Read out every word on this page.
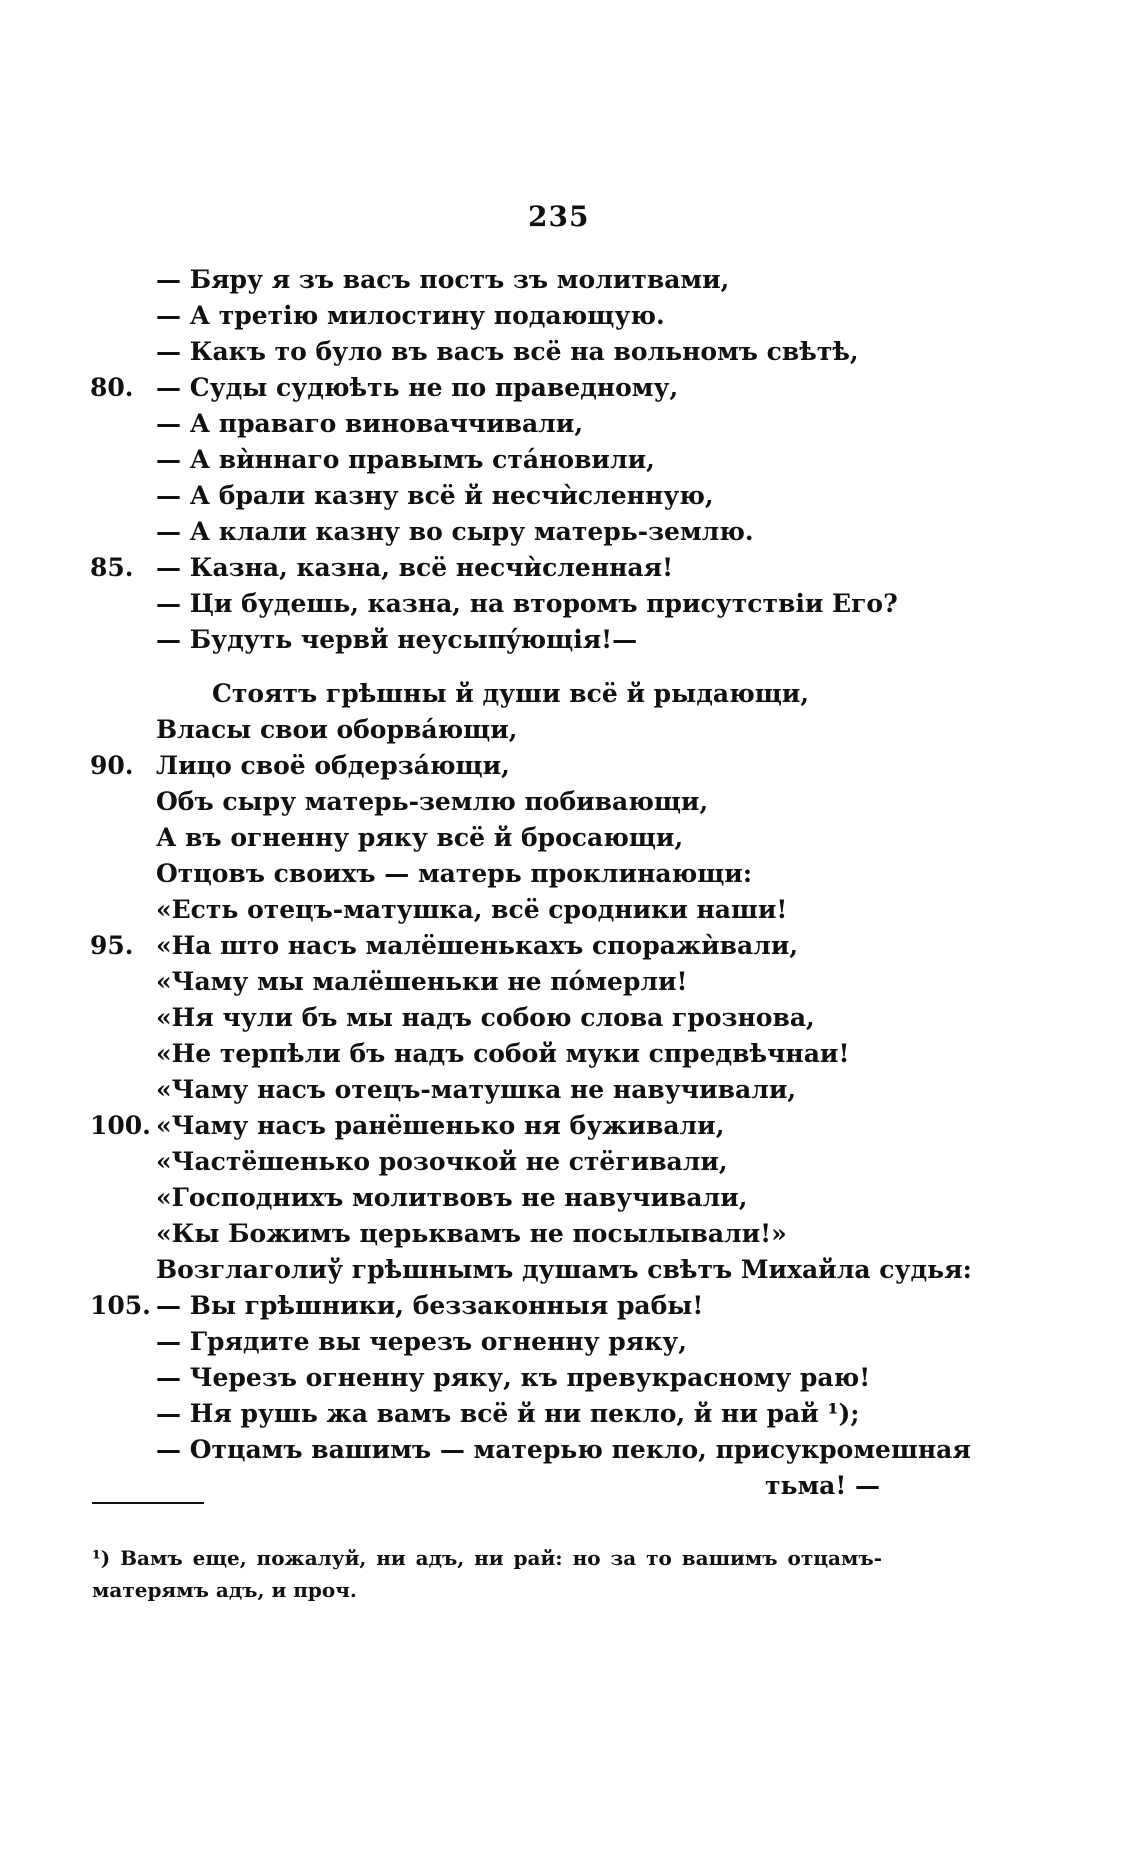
235
— Бяру я зъ васъ постъ зъ молитвами,
— А третію милостину подающую.
— Какъ то було въ васъ всё на вольномъ свѣтѣ,
80. — Суды судюѣть не по праведному,
— А праваго виноваччивали,
— А вѝннаго правымъ стáновили,
— А брали казну всё й несчѝсленную,
— А клали казну во сыру матерь-землю.
85. — Казна, казна, всё несчѝсленная!
— Ци будешь, казна, на второмъ присутствіи Его?
— Будуть червй неусыпýющія!—
Стоятъ грѣшны й души всё й рыдающи,
Власы свои оборвáющи,
90. Лицо своё обдерзáющи,
Объ сыру матерь-землю побивающи,
А въ огненну ряку всё й бросающи,
Отцовъ своихъ — матерь проклинающи:
«Есть отецъ-матушка, всё сродники наши!
95. «На што насъ малёшенькахъ споражѝвали,
«Чаму мы малёшеньки не пóмерли!
«Ня чули бъ мы надъ собою слова грознова,
«Не терпѣли бъ надъ собой муки спредвѣчнаи!
«Чаму насъ отецъ-матушка не навучивали,
100. «Чаму насъ ранёшенько ня буживали,
«Частёшенько розочкой не стёгивали,
«Господнихъ молитвовъ не навучивали,
«Кы Божимъ церьквамъ не посылывали!»
Возглаголиў грѣшнымъ душамъ свѣтъ Михайла судья:
105. — Вы грѣшники, беззаконныя рабы!
— Грядите вы черезъ огненну ряку,
— Черезъ огненну ряку, къ превукрасному раю!
— Ня рушь жа вамъ всё й ни пекло, й ни рай ¹);
— Отцамъ вашимъ — матерью пекло, присукромешная
тьма! —
¹) Вамъ еще, пожалуй, ни адъ, ни рай: но за то вашимъ отцамъ-матерямъ адъ, и проч.
